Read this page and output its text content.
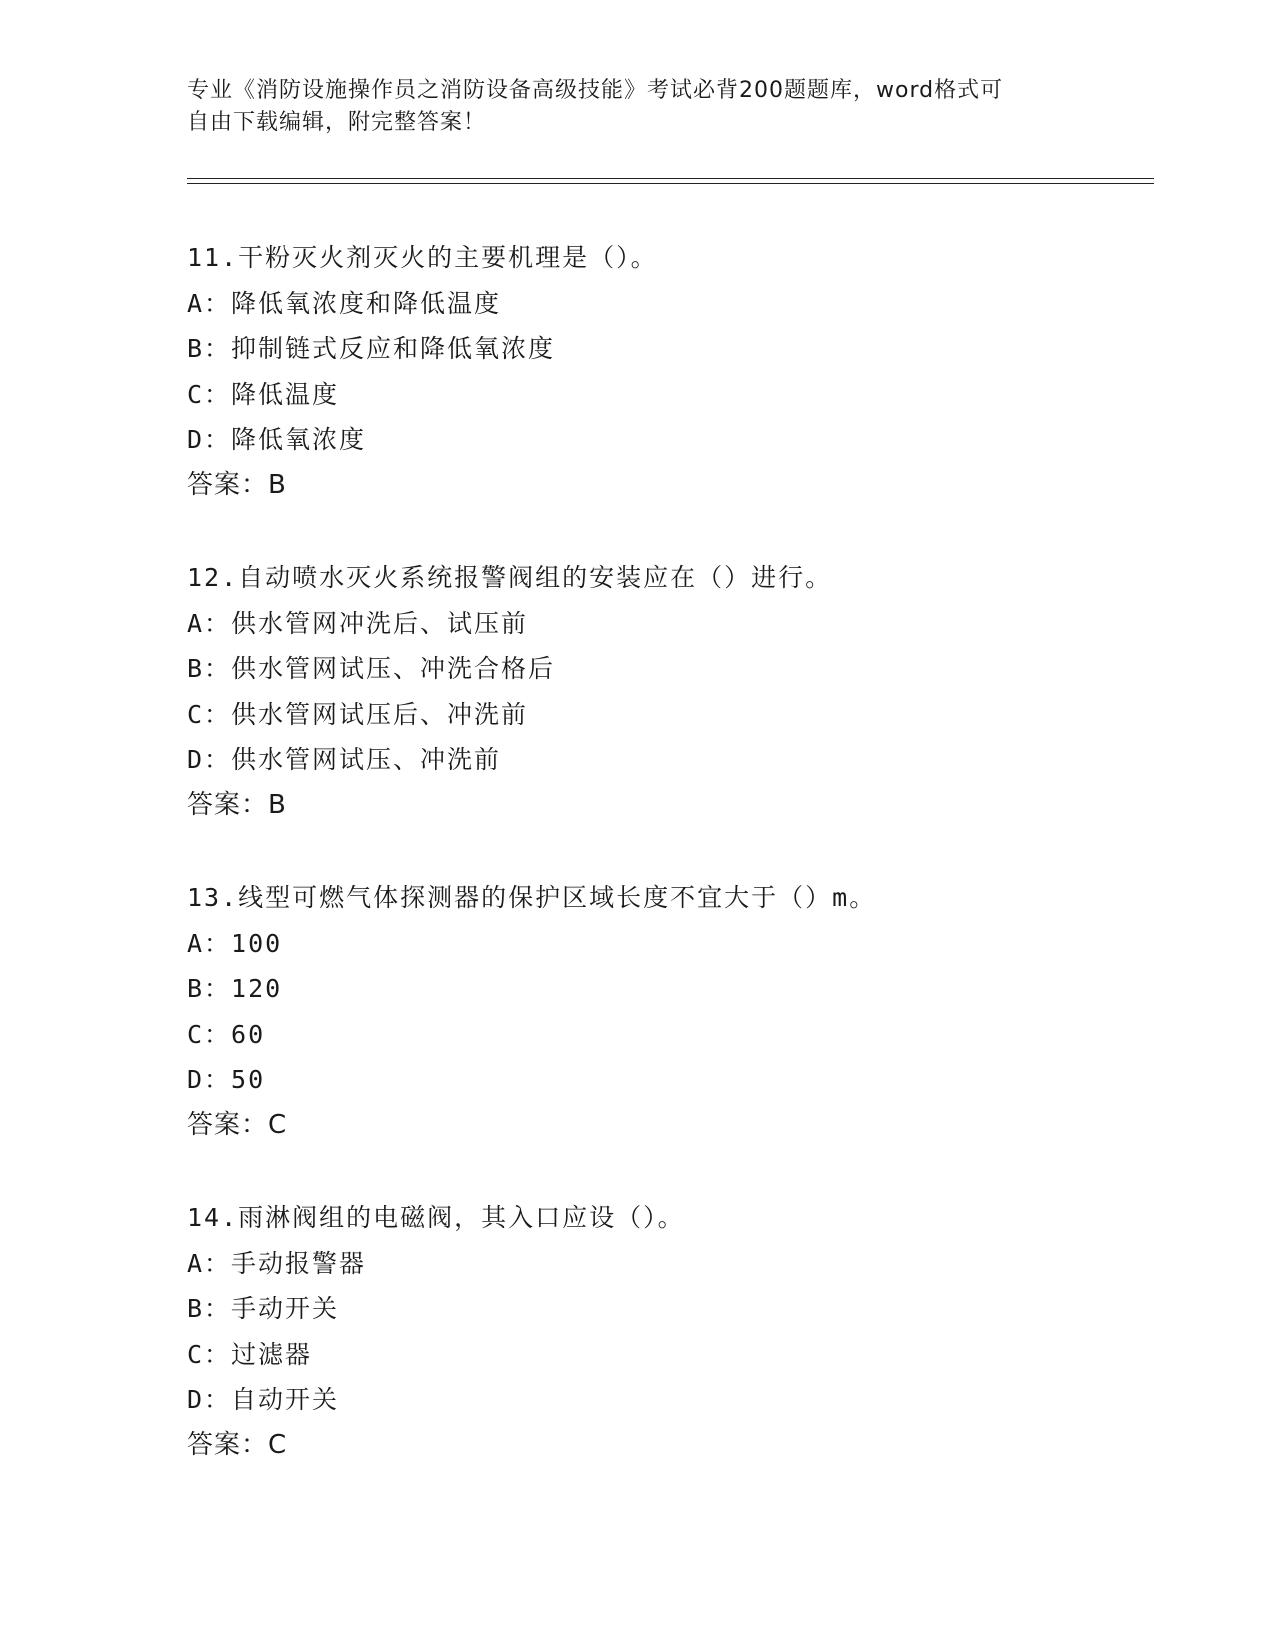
专业《消防设施操作员之消防设备高级技能》考试必背200题题库，word格式可
自由下载编辑，附完整答案！
11.干粉灭火剂灭火的主要机理是（）。
A：降低氧浓度和降低温度
B：抑制链式反应和降低氧浓度
C：降低温度
D：降低氧浓度
答案：B
12.自动喷水灭火系统报警阀组的安装应在（）进行。
A：供水管网冲洗后、试压前
B：供水管网试压、冲洗合格后
C：供水管网试压后、冲洗前
D：供水管网试压、冲洗前
答案：B
13.线型可燃气体探测器的保护区域长度不宜大于（）m。
A：100
B：120
C：60
D：50
答案：C
14.雨淋阀组的电磁阀，其入口应设（）。
A：手动报警器
B：手动开关
C：过滤器
D：自动开关
答案：C
